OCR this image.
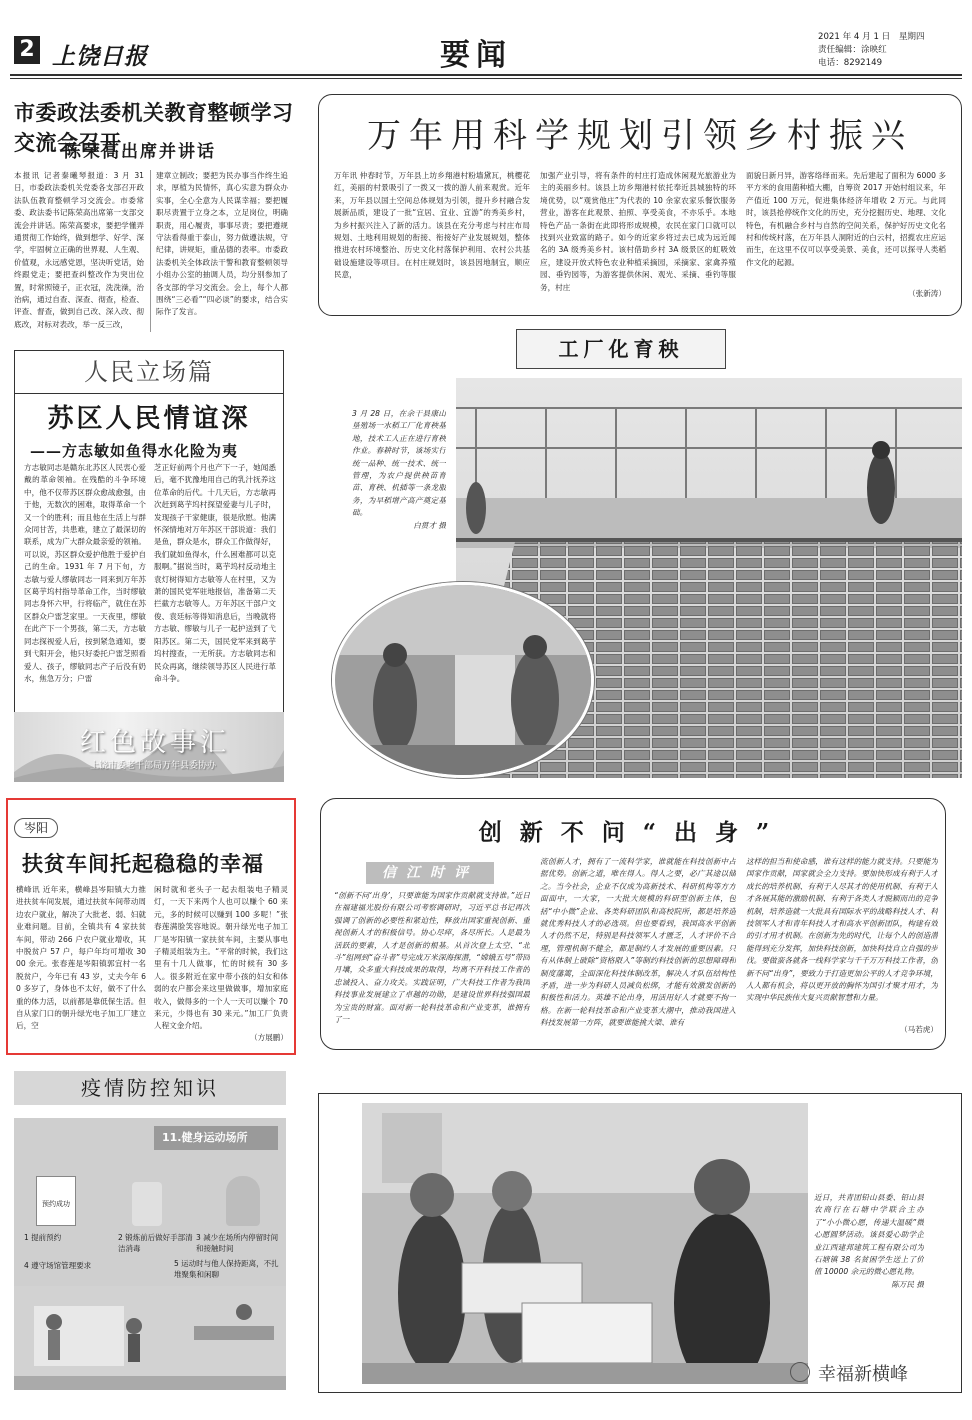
2 上饶日报	要闻
2021 年 4 月 1 日　星期四
责任编辑：涂映红
电话：8292149
市委政法委机关教育整顿学习交流会召开
陈荣高出席并讲话
本报讯 记者秦曦琴报道：3 月 31 日，市委政法委机关党委各支部召开政法队伍教育整顿学习交流会。市委常委、政法委书记陈荣高出席第一支部交流会并讲话。陈荣高要求，要把学懂弄通贯彻工作始终，做到想学、好学、深学，牢固树立正确的世界观、人生观、价值观，永远感党恩，坚决听党话，始终跟党走；要把查纠整改作为突出位置，时常照镜子，正衣冠，洗洗澡，治治病，通过自查、深查、彻查，检查、评查、督查，做到自己改、深入改、彻底改，对标对表改，举一反三改，
建章立制改；要把为民办事当作终生追求，厚植为民情怀，真心实意为群众办实事，全心全意为人民谋幸福；要把履职尽责置于立身之本，立足岗位，明确职责，用心履责，事事尽责；要把遵规守法看得重于泰山，努力做遵法规，守纪律，讲规矩，重品德的表率。市委政法委机关全体政法干警和教育整顿领导小组办公室的抽调人员，均分别参加了各支部的学习交流会。会上，每个人都围绕“三必看”“四必谈”的要求，结合实际作了发言。
万年用科学规划引领乡村振兴
万年讯 仲春时节，万年县上坊乡翔港村粉墙黛瓦，桃樱花红，美丽的村景吸引了一拨又一拨的游人前来观赏。近年来，万年县以国土空间总体规划为引领，提升乡村融合发展新品质，建设了一批“宜居、宜业、宜游”的秀美乡村，为乡村振兴注入了新的活力。该县在充分考虑与村庄布局规划、土地利用规划的衔接、衔接好产业发展规划，整体推进农村环境整治、历史文化村落保护利用、农村公共基础设施建设等项目。在村庄规划时，该县因地制宜，顺应民意，
加强产业引导，将有条件的村庄打造成休闲观光旅游业为主的美丽乡村。该县上坊乡翔港村依托奉近县城独特的环境优势，以“观赏他庄”为代表的 10 余家农家乐餐饮服务营业，游客在此观景、拍照、享受美食，不亦乐乎。本地特色产品一条街在此即将形成规模，农民在家门口就可以找到兴业致富的路子。如今的近家乡将过去已成为远近闻名的 3A 级秀美乡村。该村借助乡村 3A 级景区的虹吸效应，建设开放式特色农业种植采摘园，采摘家、家禽养殖园、垂钓园等，为游客提供休闲、观光、采摘、垂钓等服务，村庄
面貌日新月异，游客络绎而来。先后建起了面积为 6000 多平方米的食用菌种植大棚，自筹资 2017 开始村组议来，年产值近 100 万元，促进集体经济年增收 2 万元。与此同时，该县抢停统作文化的历史，充分挖掘历史、地理、文化特色，有机融合乡村与自然的空间关系，保护好历史文化名村和传统村落，在万年县人洞附近的白云村，招揽农庄应运而生，在这里不仅可以享受美景、美食，还可以探寻人类稻作文化的起源。
（张新涛）
人民立场篇
苏区人民情谊深
——方志敏如鱼得水化险为夷
方志敏同志是赣东北苏区人民衷心爱戴的革命领袖。在残酷的斗争环境中，他不仅带苏区群众愈战愈强，由于他，无数次的困难，取得革命一个又一个的胜利；而且他在生活上与群众同甘苦，共患难，建立了最深切的联系，成为广大群众最亲爱的领袖。可以说，苏区群众爱护他胜于爱护自己的生命。1931 年 7 月下旬，方志敏与爱人缪敏同志一同来到万年苏区葛芋坞村指导革命工作，当时缪敏同志身怀六甲，行将临产，就住在苏区群众户雷芝家里。一天夜里，缪敏在此产下一个男孩，第二天，方志敏同志探视爱人后，按到紧急通知，要到弋阳开会，他只好委托户雷芝照看爱人、孩子，缪敏同志产子后没有奶水，焦急万分；户雷
芝正好前两个月也产下一子，她闻悉后，毫不犹豫地用自己的乳汁抚养这位革命的后代。十几天后，方志敏再次赶到葛芋坞村探望爱妻与儿子时，发现孩子干家健康，很是欣慰。他满怀深情地对万年苏区干部说道：我们是鱼，群众是水，群众工作做得好，我们就如鱼得水，什么困难都可以克服啊。”据说当时，葛芋坞村反动地主袁灯树得知方志敏等人在村里，又为萧的国民党军驻地报信，准备第二天拦截方志敏等人。万年苏区干部户文俊、袁廷标等得知消息后，当晚就将方志敏、缪敏与儿子一起护送到了弋阳苏区。第二天，国民党军来到葛芋坞村搜查，一无所获。方志敏同志和民众再离，继续领导苏区人民进行革命斗争。
红色故事汇
上饶市委老干部局万年县委协办
工厂化育秧
3 月 28 日，在余干县康山垦殖场一水稻工厂化育秧基地，技术工人正在进行育秧作业。春耕时节，该场实行统一品种、统一技术、统一管理，为农户提供秧苗育苗、育秧、机插等一条龙服务，为早稻增产高产奠定基础。
白贯才 摄
岑阳
扶贫车间托起稳稳的幸福
横峰讯 近年来，横峰县岑阳镇大力推进扶贫车间发展，通过扶贫车间带动周边农户就业，解决了大批老、弱、妇就业难问题。目前，全镇共有 4 家扶贫车间，带动 266 户农户就业增收，其中脱贫户 57 户，每户年均可增收 3000 余元。张春莲是岑阳镇郭宜村一名脱贫户，今年已有 43 岁，丈夫今年 60 多岁了，身体也不太好，做不了什么重的体力活，以前都是靠低保生活。但自从家门口的朝升绿光电子加工厂建立后，空
闲时就和老头子一起去组装电子精灵灯，一天下来两个人也可以赚个 60 来元，多的时候可以赚到 100 多呢！”张春莲满脸笑容地说。朝升绿光电子加工厂是岑阳镇一家扶贫车间，主要从事电子精灵组装为主。“平常的时候，我们这里有十几人做事，忙的时候有 30 多人。很多附近在家中带小孩的妇女和体弱的农户都会来这里做做事，增加家庭收入，做得多的一个人一天可以赚个 70 来元，少得也有 30 来元。”加工厂负责人程文金介绍。
（方展鹏）
创新不问“出身”
信江时评
“创新不问‘出身’，只要谁能为国家作贡献就支持谁。”近日在福建福光股份有限公司考察调研时，习近平总书记再次强调了创新的必要性和紧迫性，释放出国家重视创新、重视创新人才的积极信号。协心尽瘁，各尽所长。人是最为活跃的要素，人才是创新的根基。从首次登上太空、“北斗”组网到“奋斗者”号完成万米深海探潜，“嫦娥五号”带回月壤，众多重大科技成果的取得，均离不开科技工作者的忠诚投入、奋力攻关。实践证明，广大科技工作者为我国科技事业发展建立了卓越的功勋，是建设世界科技强国最为宝贵的财富。面对新一轮科技革命和产业变革，谁拥有了一
流创新人才，拥有了一流科学家，谁就能在科技创新中占据优势。创新之道，唯在得人。得人之要，必广其途以储之。当今社会，企业不仅成为高新技术、科研机构等方方面面中，一大家，一大批大规模的科研型创新主体，包括“中小微”企业、各类科研团队和高校院所，都是培养造就优秀科技人才的必选项。但也要看到，我国高水平创新人才仍然不足，特别是科技领军人才匮乏，人才评价不合理，管理机制不健全，都是制约人才发展的重要因素。只有从体制上破除“资格限入”等制约科技创新的思想障碍和制度藩篱，全面深化科技体制改革，解决人才队伍结构性矛盾，进一步为科研人员减负松绑，才能有效激发创新的积极性和活力。英雄不论出身，用活用好人才就要不拘一格。在新一轮科技革命和产业变革大潮中，推动我国进入科技发展第一方阵，就要谁能挑大梁、谁有
这样的担当和使命感，谁有这样的能力就支持。只要能为国家作贡献，国家就会全力支持。要加快形成有利于人才成长的培养机制、有利于人尽其才的使用机制、有利于人才各展其能的激励机制、有利于各类人才脱颖而出的竞争机制，培养造就一大批具有国际水平的战略科技人才、科技领军人才和青年科技人才和高水平创新团队，构建有效的引才用才机制。在创新为先的时代，让每个人的创造潜能得到充分发挥，加快科技创新，加快科技自立自强的步伐。要做蛮各就各一线科学家与千千万万科技工作者，创新不问“出身”，要致力于打造更加公平的人才竞争环境，人人都有机会，将以更开放的胸怀为国引才聚才用才，为实现中华民族伟大复兴贡献智慧和力量。
（马若虎）
疫情防控知识
11.健身运动场所
预约成功
1 提前预约	2 锻炼前后做好手部清洁消毒
3 减少在场所内停留时间和接触时间
4 遵守场馆管理要求	5 运动时与他人保持距离，不扎堆聚集和闲聊
近日，共青团铅山县委、铅山县农商行在石塘中学联合主办了“小小微心愿，传递大温暖”微心愿圆梦活动。该县爱心助学企业江西建邦建筑工程有限公司为石塘镇 38 名贫困学生送上了价值 10000 余元的微心愿礼物。
陈万民 摄
幸福新横峰
